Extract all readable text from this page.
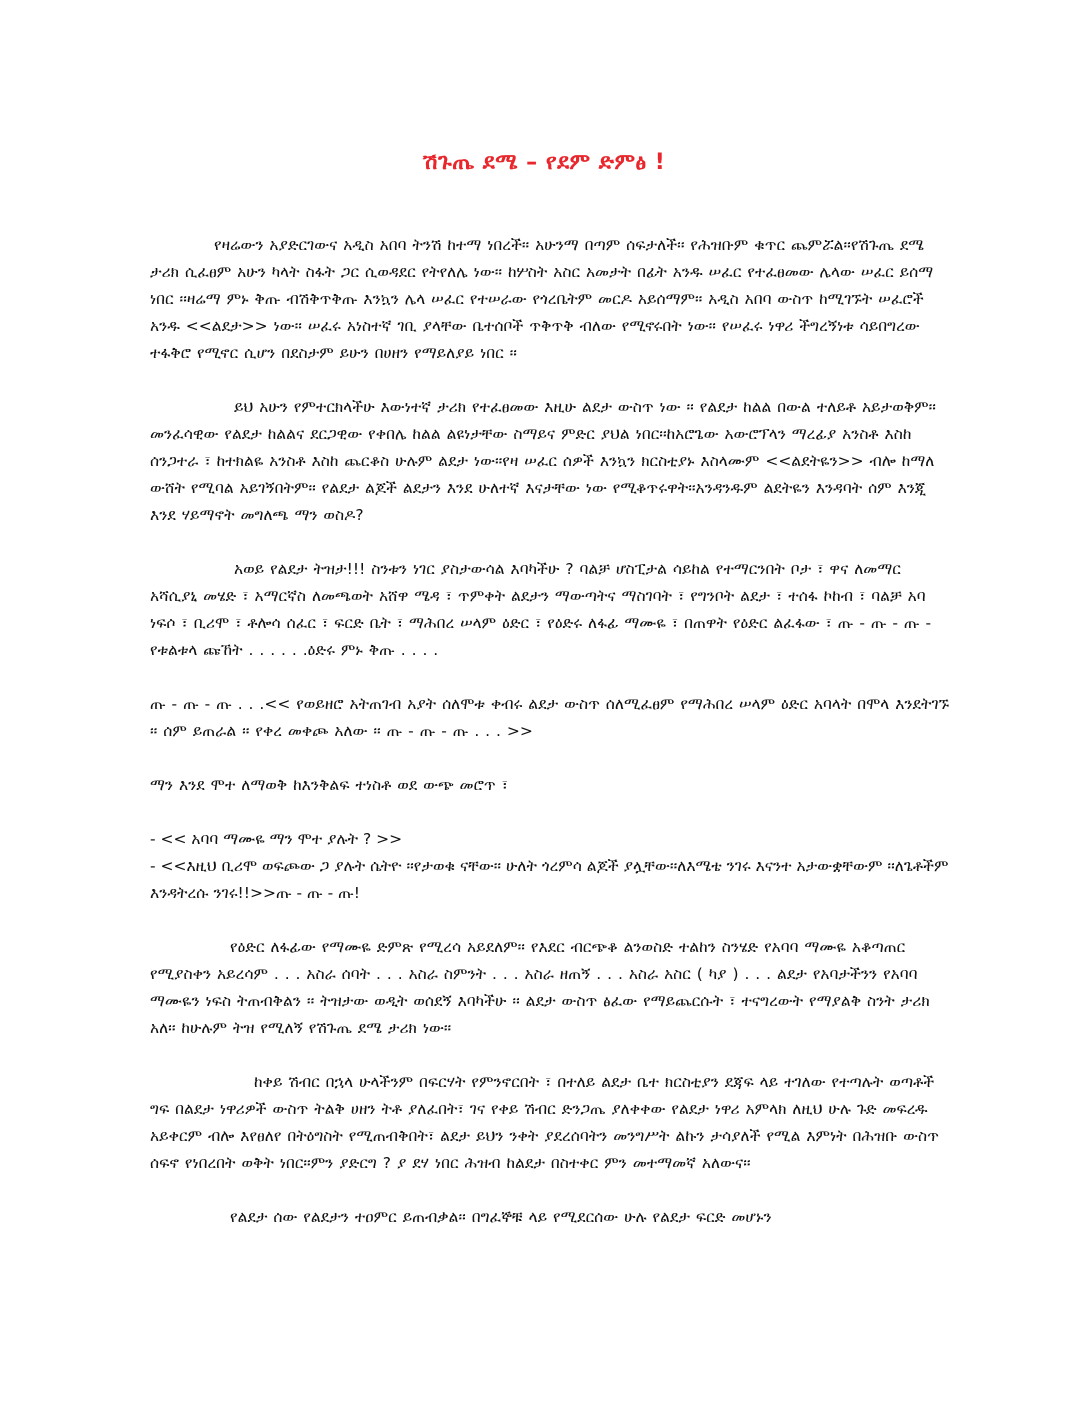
ሽጉጤ ደሜ – የደም ድምፅ !

የዛሬውን አያድርገውና አዲስ አበባ ትንሽ ከተማ ነበረች፡፡ አሁንማ በጣም ሰፍታለች፡፡ የሕዝቡም ቁጥር ጨምሯል፡፡የሽጉጤ ደሜ ታሪክ ሲፈፀም አሁን ካላት ስፋት ጋር ሲወዳደር የትየለሌ ነው፡፡ ከሦስት አስር አመታት በፊት አንዱ ሠፈር የተፈፀመው ሌላው ሠፈር ይሰማ ነበር ፡፡ዛሬማ ምኑ ቅጡ ብሽቅጥቅጡ እንኳን ሌላ ሠፈር የተሠራው የጎረቤትም መርዶ አይሰማም፡፡ አዲስ አበባ ውስጥ ከሚገኙት ሠፈሮች አንዱ <<ልደታ>> ነው፡፡ ሠፈሩ አነስተኛ ገቢ ያላቸው ቤተሰቦች ጥቅጥቅ ብለው የሚኖሩበት ነው፡፡ የሠፈሩ ነዋሪ ችግረኝነቱ ሳይበግረው ተፋቅሮ የሚኖር ሲሆን በደስታም ይሁን በሀዘን የማይለያይ ነበር ፡፡

ይህ አሁን የምተርክላችሁ እውነተኛ ታሪክ የተፈፀመው እዚሁ ልደታ ውስጥ ነው ፡፡ የልደታ ከልል በውል ተለይቶ አይታወቅም፡፡መንፈሳዊው የልደታ ከልልና ደርጋዊው የቀበሌ ከልል ልዩነታቸው ስማይና ምድር ያህል ነበር፡፡ከአሮጌው አውሮፕላን ማረፊያ አንስቶ እስከ ሰንጋተራ ፣ ከተክልዬ አንስቶ እስከ ጨርቆስ ሁሉም ልደታ ነው፡፡የዛ ሠፈር ሰዎች እንኳን ክርስቲያኑ እስላሙም <<ልደትዬን>> ብሎ ከማለ ውሸት የሚባል አይገኝበትም፡፡ የልደታ ልጆች ልደታን እንደ ሁለተኛ እናታቸው ነው የሚቆጥሩዋት፡፡አንዳንዱም ልደትዬን እንዳባት ሰም እንጂ እንደ ሃይማኖት መግለጫ ማን ወስዶ?

አወይ የልደታ ትዝታ!!! ስንቱን ነገር ያስታውሳል እባካችሁ ? ባልቻ ሆስፒታል ሳይከል የተማርንበት ቦታ ፣ ዋና ለመማር አሻሲያኒ መሄድ ፣ አማርኛስ ለመጫወት አሸዋ ሜዳ ፣ ጥምቀት ልደታን ማውጣትና ማስገባት ፣ የግንቦት ልደታ ፣ ተሰፋ ኮከብ ፣ ባልቻ አባ ነፍሶ ፣ ቢሪሞ ፣ ቶሎሳ ሰፈር ፣ ፍርድ ቤት ፣ ማሕበረ ሠላም ዕድር ፣ የዕድሩ ለፋፊ ማሙዬ ፣ በጠዋት የዕድር ልፈፋው ፣ ጡ - ጡ - ጡ - የቱልቱላ ጩኸት . . . . . .ዕድሩ ምኑ ቅጡ . . . .

ጡ - ጡ - ጡ . . .<< የወይዘሮ አትጠገብ አያት ሰለሞቱ ቀብሩ ልደታ ውስጥ ሰለሚፈፀም የማሕበረ ሠላም ዕድር አባላት በሞላ እንደትገኙ ፡፡ ሰም ይጠራል ፡፡ የቀረ መቀጮ አለው ፡፡ ጡ - ጡ - ጡ . . . >>

ማን እንደ ሞተ ለማወቅ ከእንቅልፍ ተነስቶ ወደ ውጭ መሮጥ ፣

- << አባባ ማሙዬ ማን ሞተ ያሉት ? >>
- <<እዚህ ቢሪሞ ወፍጮው ጋ ያሉት ሴትዮ ፡፡የታወቁ ናቸው፡፡ ሁለት ጎረምሳ ልጆች ያሏቸው፡፡ለእሜቴ ንገሩ እናንተ አታውቋቸውም ፡፡ለጌቶችም እንዳትረሱ ንገሩ!!>>ጡ - ጡ - ጡ!

የዕድር ለፋፊው የማሙዬ ድምጽ የሚረሳ አይደለም፡፡ የእደር ብርጭቆ ልንወስድ ተልከን ስንሄድ የአባባ ማሙዬ አቆጣጠር የሚያስቀን አይረሳም . . . አስራ ሰባት . . . አስራ ስምንት . . . አስራ ዘጠኝ . . . አስራ አስር ( ካያ ) . . . ልደታ የአባታችንን የአባባ ማሙዬን ነፍስ ትጠብቅልን ፡፡ ትዝታው ወዲት ወሰደኝ እባካችሁ ፡፡ ልደታ ውስጥ ፅፈው የማይጨርሱት ፣ ተናግረውት የማያልቅ ስንት ታሪክ አለ፡፡ ከሁሉም ትዝ የሚለኝ የሽጉጤ ደሜ ታሪክ ነው፡፡

ከቀይ ሽብር በኋላ ሁላችንም በፍርሃት የምንኖርበት ፣ በተለይ ልደታ ቤተ ክርስቲያን ደጃፍ ላይ ተገለው የተጣሉት ወጣቶች ግፍ በልደታ ነዋሪዎች ውስጥ ትልቅ ሀዘን ትቶ ያለፈበት፣ ገና የቀይ ሽብር ድንጋጤ ያለቀቀው የልደታ ነዋሪ አምላክ ለዚህ ሁሉ ጉድ መፍረዱ አይቀርም ብሎ እየፀለየ በትዕግስት የሚጠብቅበት፣ ልደታ ይህን ንቀት ያደረሰባትን መንግሥት ልኩን ታሳያለች የሚል እምነት በሕዝቡ ውስጥ ሰፍኖ የነበረበት ወቅት ነበር፡፡ምን ያድርግ ? ያ ደሃ ነበር ሕዝብ ከልደታ በስተቀር ምን መተማመኛ አለውና፡፡

የልደታ ሰው የልደታን ተዐምር ይጠብቃል፡፡ በግፈኞቹ ላይ የሚደርሰው ሁሉ የልደታ ፍርድ መሆኑን
